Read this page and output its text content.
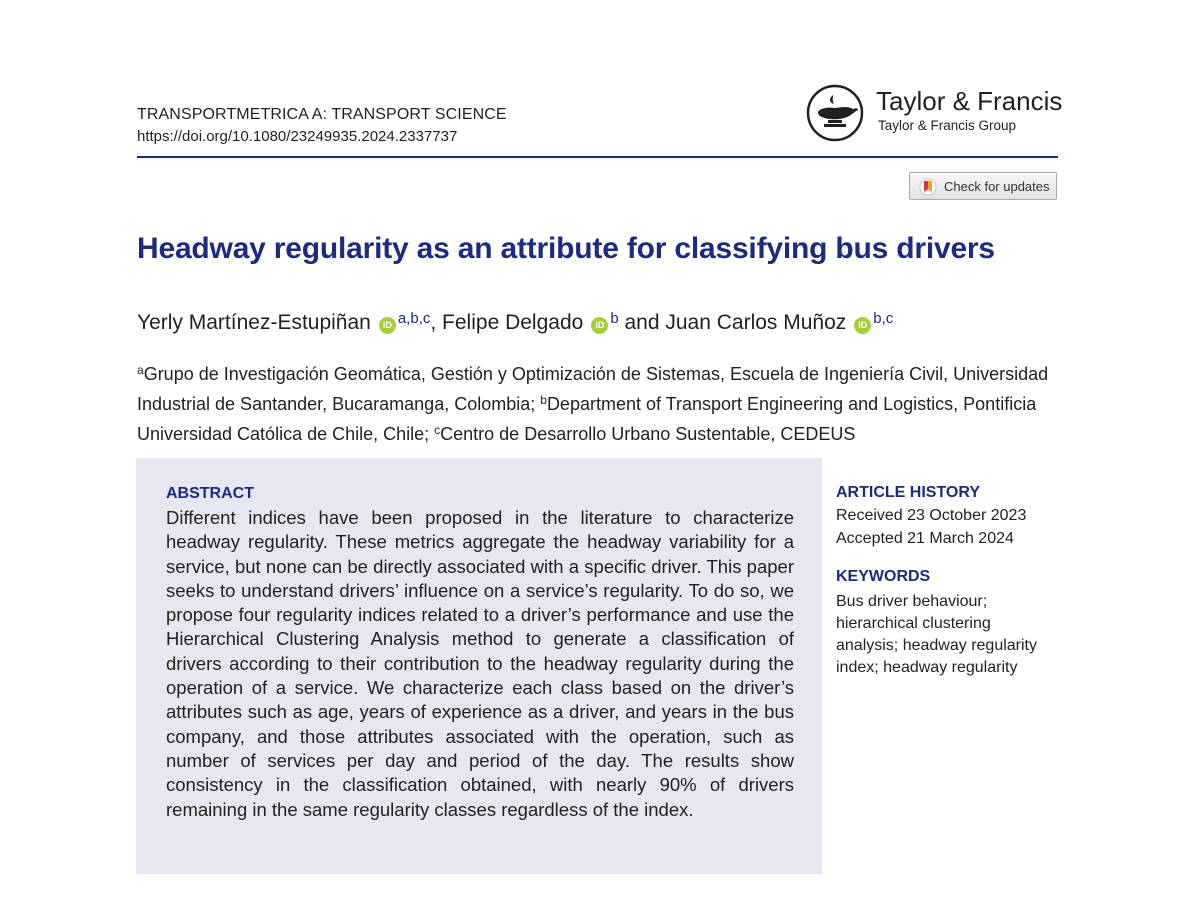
TRANSPORTMETRICA A: TRANSPORT SCIENCE
https://doi.org/10.1080/23249935.2024.2337737
Taylor & Francis
Taylor & Francis Group
Check for updates
Headway regularity as an attribute for classifying bus drivers
Yerly Martínez-Estupiñan iD $^{a,b,c}$, Felipe Delgado iD $^b$ and Juan Carlos Muñoz iD $^{b,c}$

$^a$Grupo de Investigación Geomática, Gestión y Optimización de Sistemas, Escuela de Ingeniería Civil, Universidad Industrial de Santander, Bucaramanga, Colombia; $^b$Department of Transport Engineering and Logistics, Pontificia Universidad Católica de Chile, Chile; $^c$Centro de Desarrollo Urbano Sustentable, CEDEUS

ABSTRACT

Different indices have been proposed in the literature to characterize headway regularity. These metrics aggregate the headway variability for a service, but none can be directly associated with a specific driver. This paper seeks to understand drivers’ influence on a service’s regularity. To do so, we propose four regularity indices related to a driver’s performance and use the Hierarchical Clustering Analysis method to generate a classification of drivers according to their contribution to the headway regularity during the operation of a service. We characterize each class based on the driver’s attributes such as age, years of experience as a driver, and years in the bus company, and those attributes associated with the operation, such as number of services per day and period of the day. The results show consistency in the classification obtained, with nearly 90% of drivers remaining in the same regularity classes regardless of the index.

ARTICLE HISTORY
Received 23 October 2023
Accepted 21 March 2024
KEYWORDS

Bus driver behaviour; hierarchical clustering analysis; headway regularity index; headway regularity
